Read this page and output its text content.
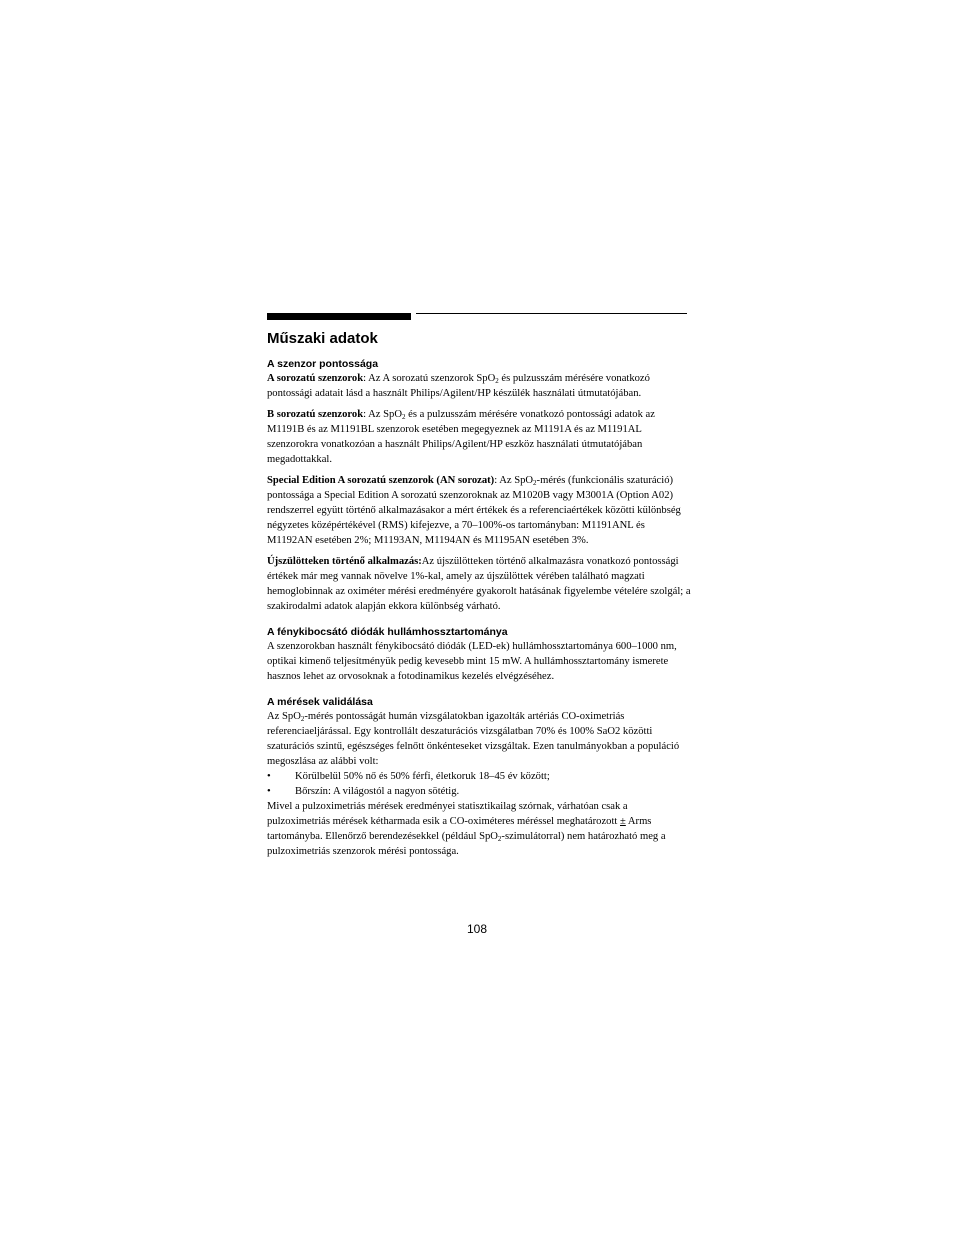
Műszaki adatok
A szenzor pontossága

A sorozatú szenzorok: Az A sorozatú szenzorok SpO$_2$ és pulzusszám mérésére vonatkozó pontossági adatait lásd a használt Philips/Agilent/HP készülék használati útmutatójában.

B sorozatú szenzorok: Az SpO$_2$ és a pulzusszám mérésére vonatkozó pontossági adatok az M1191B és az M1191BL szenzorok esetében megegyeznek az M1191A és az M1191AL szenzorokra vonatkozóan a használt Philips/Agilent/HP eszköz használati útmutatójában megadottakkal.

Special Edition A sorozatú szenzorok (AN sorozat): Az SpO$_2$-mérés (funkcionális szaturáció) pontossága a Special Edition A sorozatú szenzoroknak az M1020B vagy M3001A (Option A02) rendszerrel együtt történő alkalmazásakor a mért értékek és a referenciaértékek közötti különbség négyzetes középértékével (RMS) kifejezve, a 70–100%-os tartományban: M1191ANL és M1192AN esetében 2%; M1193AN, M1194AN és M1195AN esetében 3%.

Újszülötteken történő alkalmazás:Az újszülötteken történő alkalmazásra vonatkozó pontossági értékek már meg vannak növelve 1%-kal, amely az újszülöttek vérében található magzati hemoglobinnak az oximéter mérési eredményére gyakorolt hatásának figyelembe vételére szolgál; a szakirodalmi adatok alapján ekkora különbség várható.

A fénykibocsátó diódák hullámhossztartománya

A szenzorokban használt fénykibocsátó diódák (LED-ek) hullámhossztartománya 600–1000 nm, optikai kimenő teljesítményük pedig kevesebb mint 15 mW. A hullámhossztartomány ismerete hasznos lehet az orvosoknak a fotodinamikus kezelés elvégzéséhez.

A mérések validálása

Az SpO$_2$-mérés pontosságát humán vizsgálatokban igazolták artériás CO-oximetriás referenciaeljárással. Egy kontrollált deszaturációs vizsgálatban 70% és 100% SaO2 közötti szaturációs szintű, egészséges felnőtt önkénteseket vizsgáltak. Ezen tanulmányokban a populáció megoszlása az alábbi volt:

• Körülbelül 50% nő és 50% férfi, életkoruk 18–45 év között;
• Bőrszín: A világostól a nagyon sötétig.

Mivel a pulzoximetriás mérések eredményei statisztikailag szórnak, várhatóan csak a pulzoximetriás mérések kétharmada esik a CO-oximéteres méréssel meghatározott ± Arms tartományba. Ellenőrző berendezésekkel (például SpO$_2$-szimulátorral) nem határozható meg a pulzoximetriás szenzorok mérési pontossága.

108
